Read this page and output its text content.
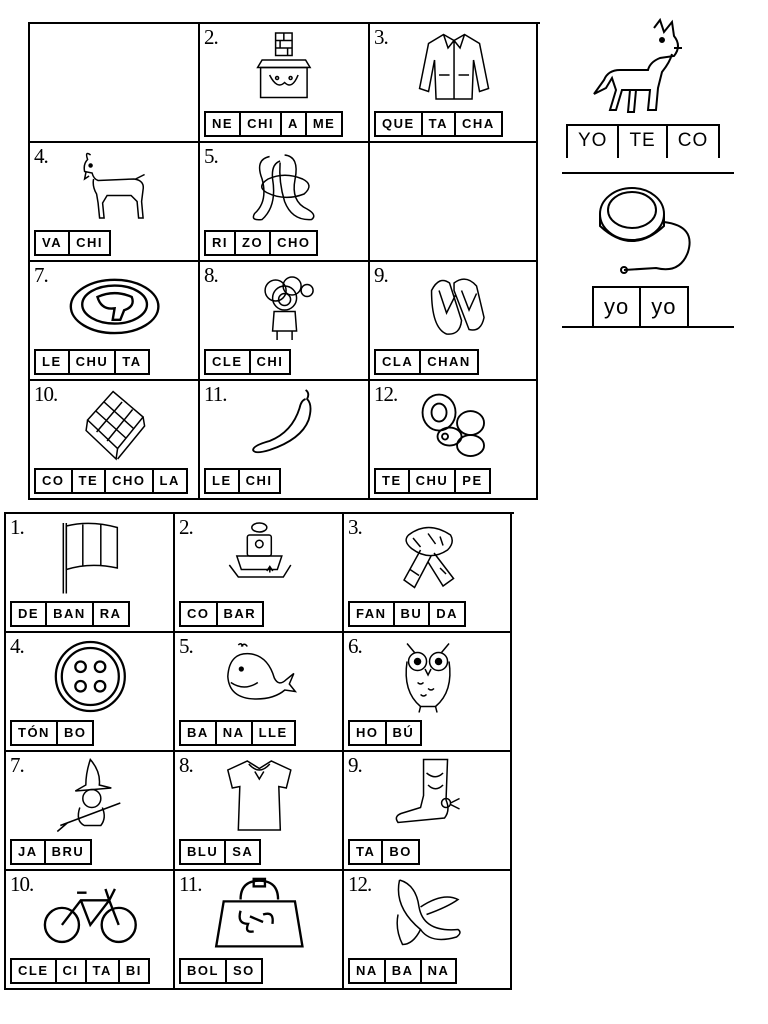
2.
NE	CHI	A	ME
3.
QUE	TA	CHA
4.
VA	CHI
5.
RI	ZO	CHO
7.
LE	CHU	TA
8.
CLE	CHI
9.
CLA	CHAN
10.
CO	TE	CHO	LA
11.
LE	CHI
12.
TE	CHU	PE
YO	TE	CO
yo	yo
1.
DE	BAN	RA
2.
CO	BAR
3.
FAN	BU	DA
4.
TÓN	BO
5.
BA	NA	LLE
6.
HO	BÚ
7.
JA	BRU
8.
BLU	SA
9.
TA	BO
10.
CLE	CI	TA	BI
11.
BOL	SO
12.
NA	BA	NA
